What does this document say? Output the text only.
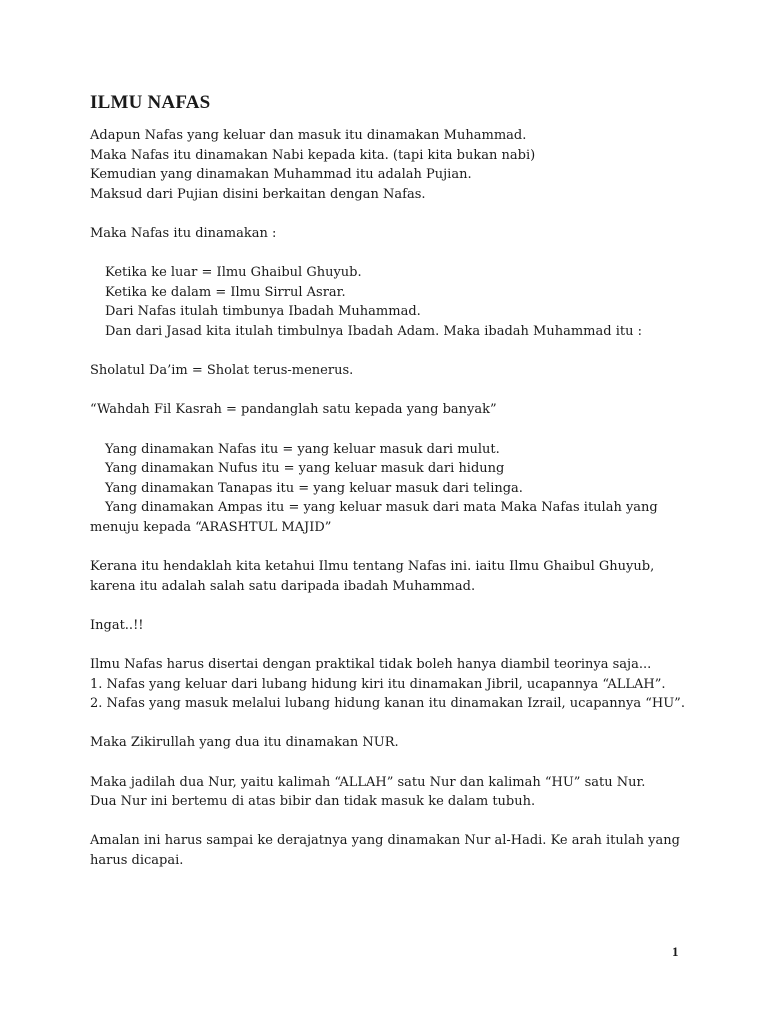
ILMU NAFAS
Adapun Nafas yang keluar dan masuk itu dinamakan Muhammad.
Maka Nafas itu dinamakan Nabi kepada kita. (tapi kita bukan nabi)
Kemudian yang dinamakan Muhammad itu adalah Pujian.
Maksud dari Pujian disini berkaitan dengan Nafas.
Maka Nafas itu dinamakan :
Ketika ke luar = Ilmu Ghaibul Ghuyub.
Ketika ke dalam = Ilmu Sirrul Asrar.
Dari Nafas itulah timbunya Ibadah Muhammad.
Dan dari Jasad kita itulah timbulnya Ibadah Adam. Maka ibadah Muhammad itu :
Sholatul Da’im = Sholat terus-menerus.
“Wahdah Fil Kasrah = pandanglah satu kepada yang banyak”
Yang dinamakan Nafas itu = yang keluar masuk dari mulut.
Yang dinamakan Nufus itu = yang keluar masuk dari hidung
Yang dinamakan Tanapas itu = yang keluar masuk dari telinga.
Yang dinamakan Ampas itu = yang keluar masuk dari mata Maka Nafas itulah yang
menuju kepada “ARASHTUL MAJID”
Kerana itu hendaklah kita ketahui Ilmu tentang Nafas ini. iaitu Ilmu Ghaibul Ghuyub,
karena itu adalah salah satu daripada ibadah Muhammad.
Ingat..!!
Ilmu Nafas harus disertai dengan praktikal tidak boleh hanya diambil teorinya saja...
1. Nafas yang keluar dari lubang hidung kiri itu dinamakan Jibril, ucapannya “ALLAH”.
2. Nafas yang masuk melalui lubang hidung kanan itu dinamakan Izrail, ucapannya “HU”.
Maka Zikirullah yang dua itu dinamakan NUR.
Maka jadilah dua Nur, yaitu kalimah “ALLAH” satu Nur dan kalimah “HU” satu Nur.
Dua Nur ini bertemu di atas bibir dan tidak masuk ke dalam tubuh.
Amalan ini harus sampai ke derajatnya yang dinamakan Nur al-Hadi. Ke arah itulah yang
harus dicapai.
1
